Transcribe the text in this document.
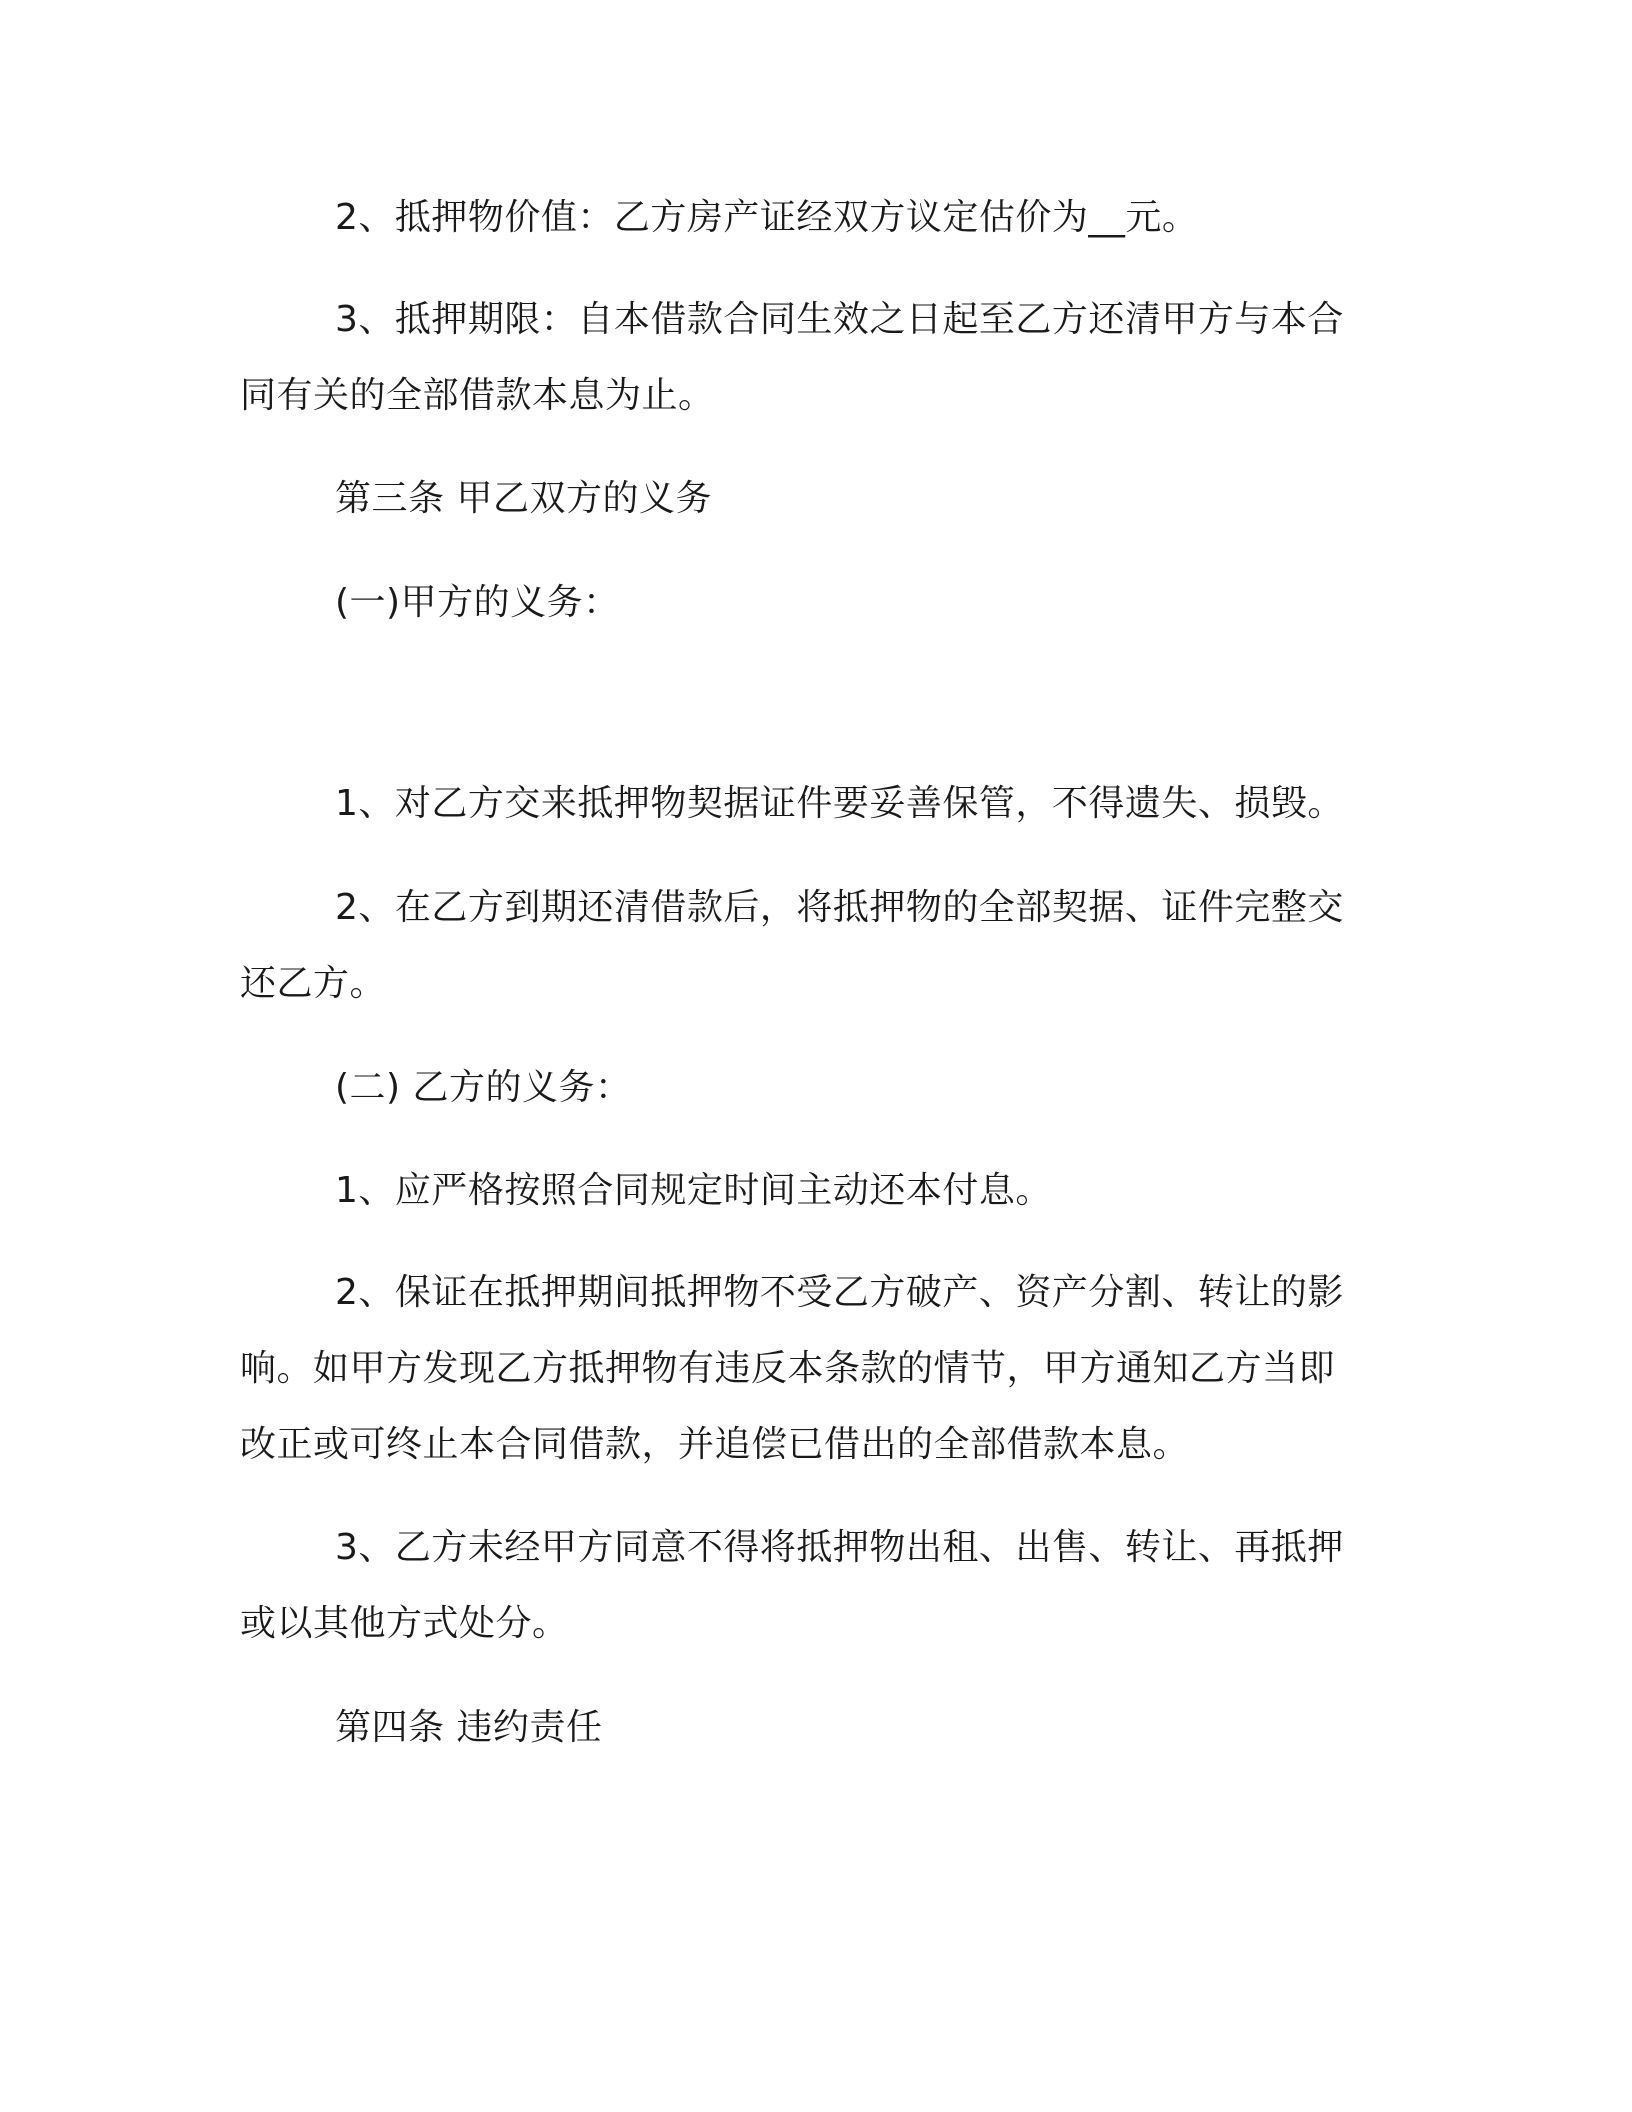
2、抵押物价值：乙方房产证经双方议定估价为__元。
3、抵押期限：自本借款合同生效之日起至乙方还清甲方与本合
同有关的全部借款本息为止。
第三条 甲乙双方的义务
(一)甲方的义务：
1、对乙方交来抵押物契据证件要妥善保管，不得遗失、损毁。
2、在乙方到期还清借款后，将抵押物的全部契据、证件完整交
还乙方。
(二) 乙方的义务：
1、应严格按照合同规定时间主动还本付息。
2、保证在抵押期间抵押物不受乙方破产、资产分割、转让的影
响。如甲方发现乙方抵押物有违反本条款的情节，甲方通知乙方当即
改正或可终止本合同借款，并追偿已借出的全部借款本息。
3、乙方未经甲方同意不得将抵押物出租、出售、转让、再抵押
或以其他方式处分。
第四条 违约责任
